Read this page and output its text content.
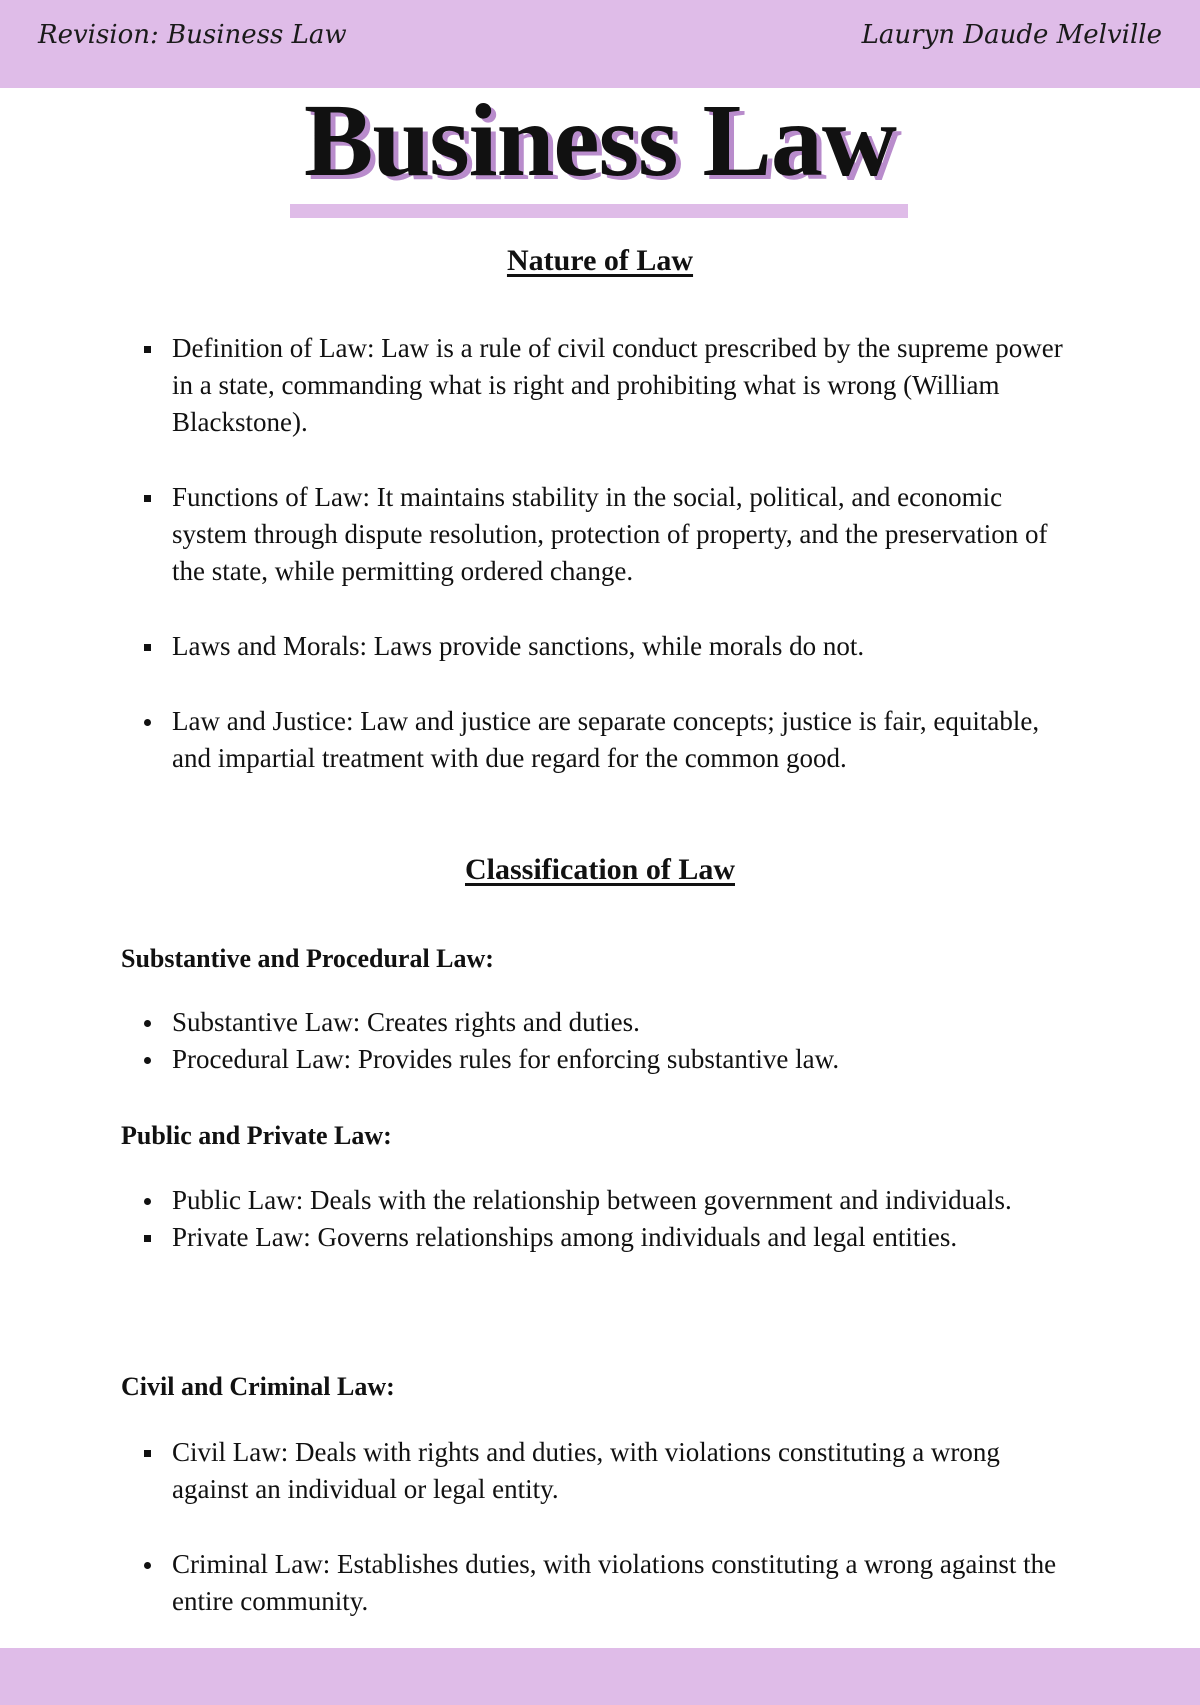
Revision: Business Law	Lauryn Daude Melville
Business Law
Nature of Law
Definition of Law: Law is a rule of civil conduct prescribed by the supreme power in a state, commanding what is right and prohibiting what is wrong (William Blackstone).
Functions of Law: It maintains stability in the social, political, and economic system through dispute resolution, protection of property, and the preservation of the state, while permitting ordered change.
Laws and Morals: Laws provide sanctions, while morals do not.
Law and Justice: Law and justice are separate concepts; justice is fair, equitable, and impartial treatment with due regard for the common good.
Classification of Law
Substantive and Procedural Law:
Substantive Law: Creates rights and duties.
Procedural Law: Provides rules for enforcing substantive law.
Public and Private Law:
Public Law: Deals with the relationship between government and individuals.
Private Law: Governs relationships among individuals and legal entities.
Civil and Criminal Law:
Civil Law: Deals with rights and duties, with violations constituting a wrong against an individual or legal entity.
Criminal Law: Establishes duties, with violations constituting a wrong against the entire community.
